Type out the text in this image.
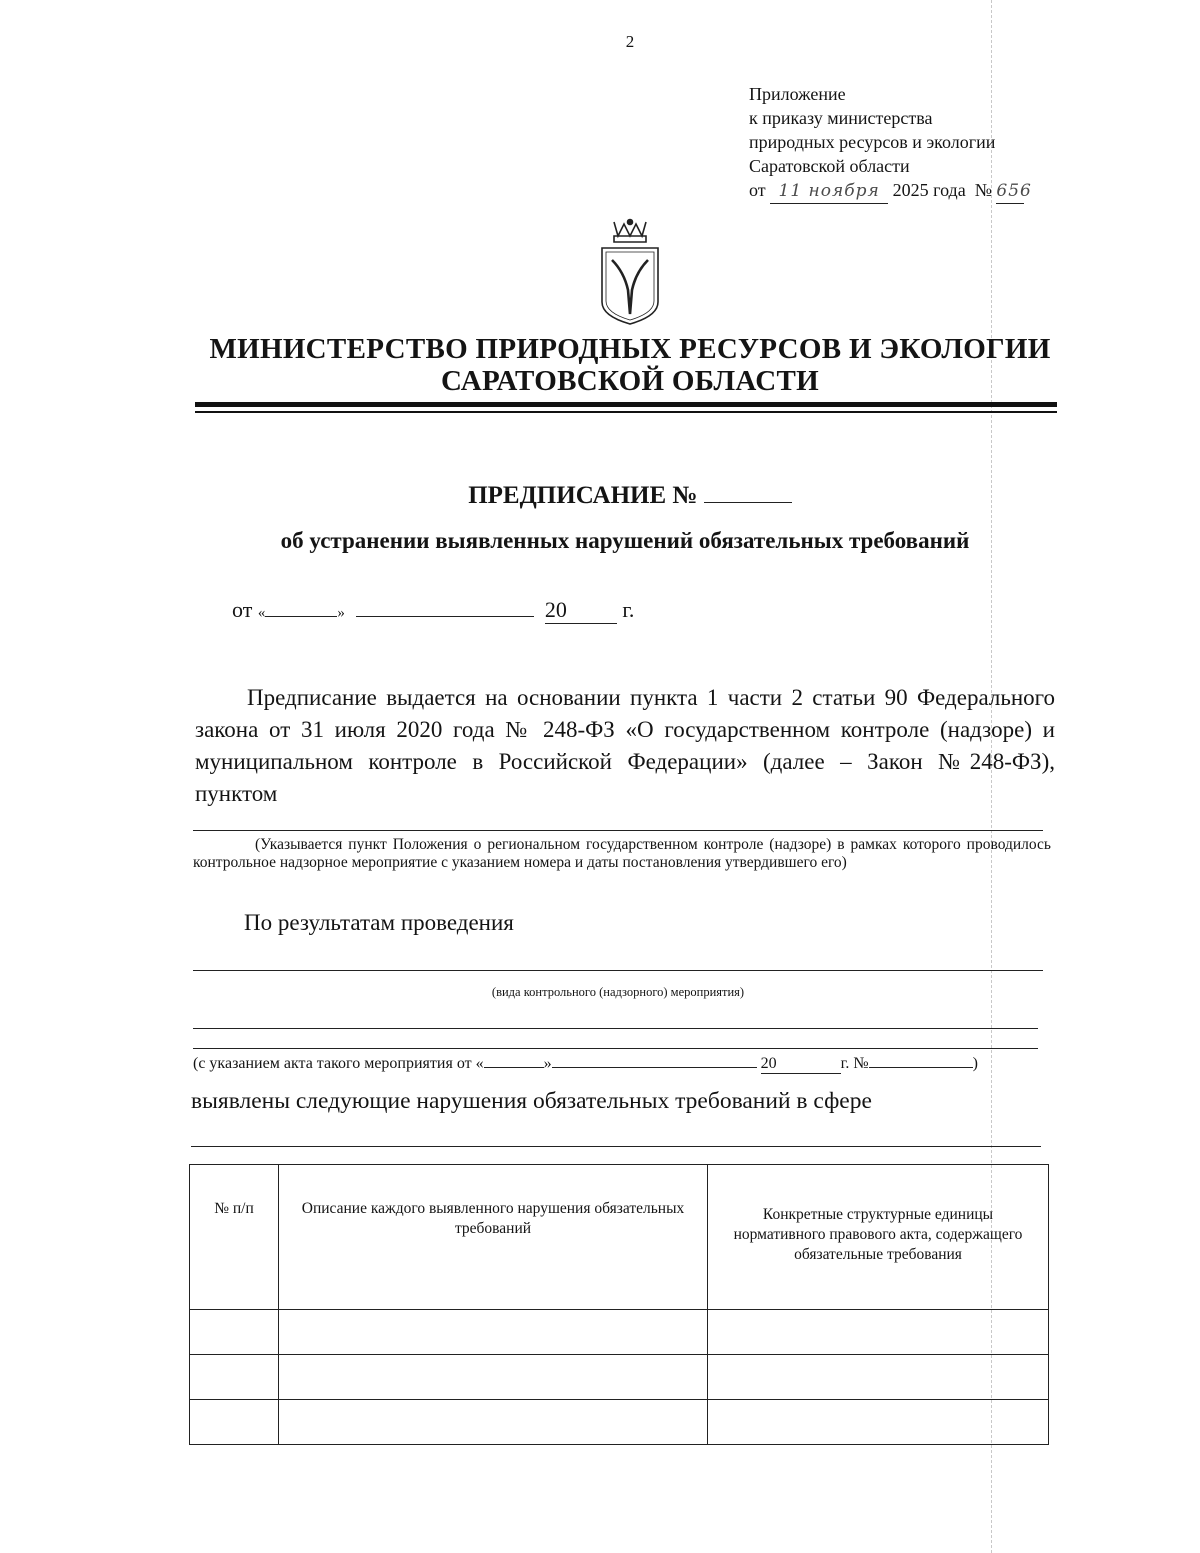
2
Приложение
к приказу министерства
природных ресурсов и экологии
Саратовской области
от 11 ноября 2025 года № 656
МИНИСТЕРСТВО ПРИРОДНЫХ РЕСУРСОВ И ЭКОЛОГИИ
САРАТОВСКОЙ ОБЛАСТИ
ПРЕДПИСАНИЕ №
об устранении выявленных нарушений обязательных требований
от «	»	20	г.
Предписание выдается на основании пункта 1 части 2 статьи 90 Федерального закона от 31 июля 2020 года № 248-ФЗ «О государственном контроле (надзоре) и муниципальном контроле в Российской Федерации» (далее – Закон №248-ФЗ), пунктом
(Указывается пункт Положения о региональном государственном контроле (надзоре) в рамках которого проводилось контрольное надзорное мероприятие с указанием номера и даты постановления утвердившего его)
По результатам проведения
(вида контрольного (надзорного) мероприятия)
(с указанием акта такого мероприятия от «	»	20	г. №	)
выявлены следующие нарушения обязательных требований в сфере
№ п/п	Описание каждого выявленного нарушения обязательных требований	Конкретные структурные единицы нормативного правового акта, содержащего обязательные требования
